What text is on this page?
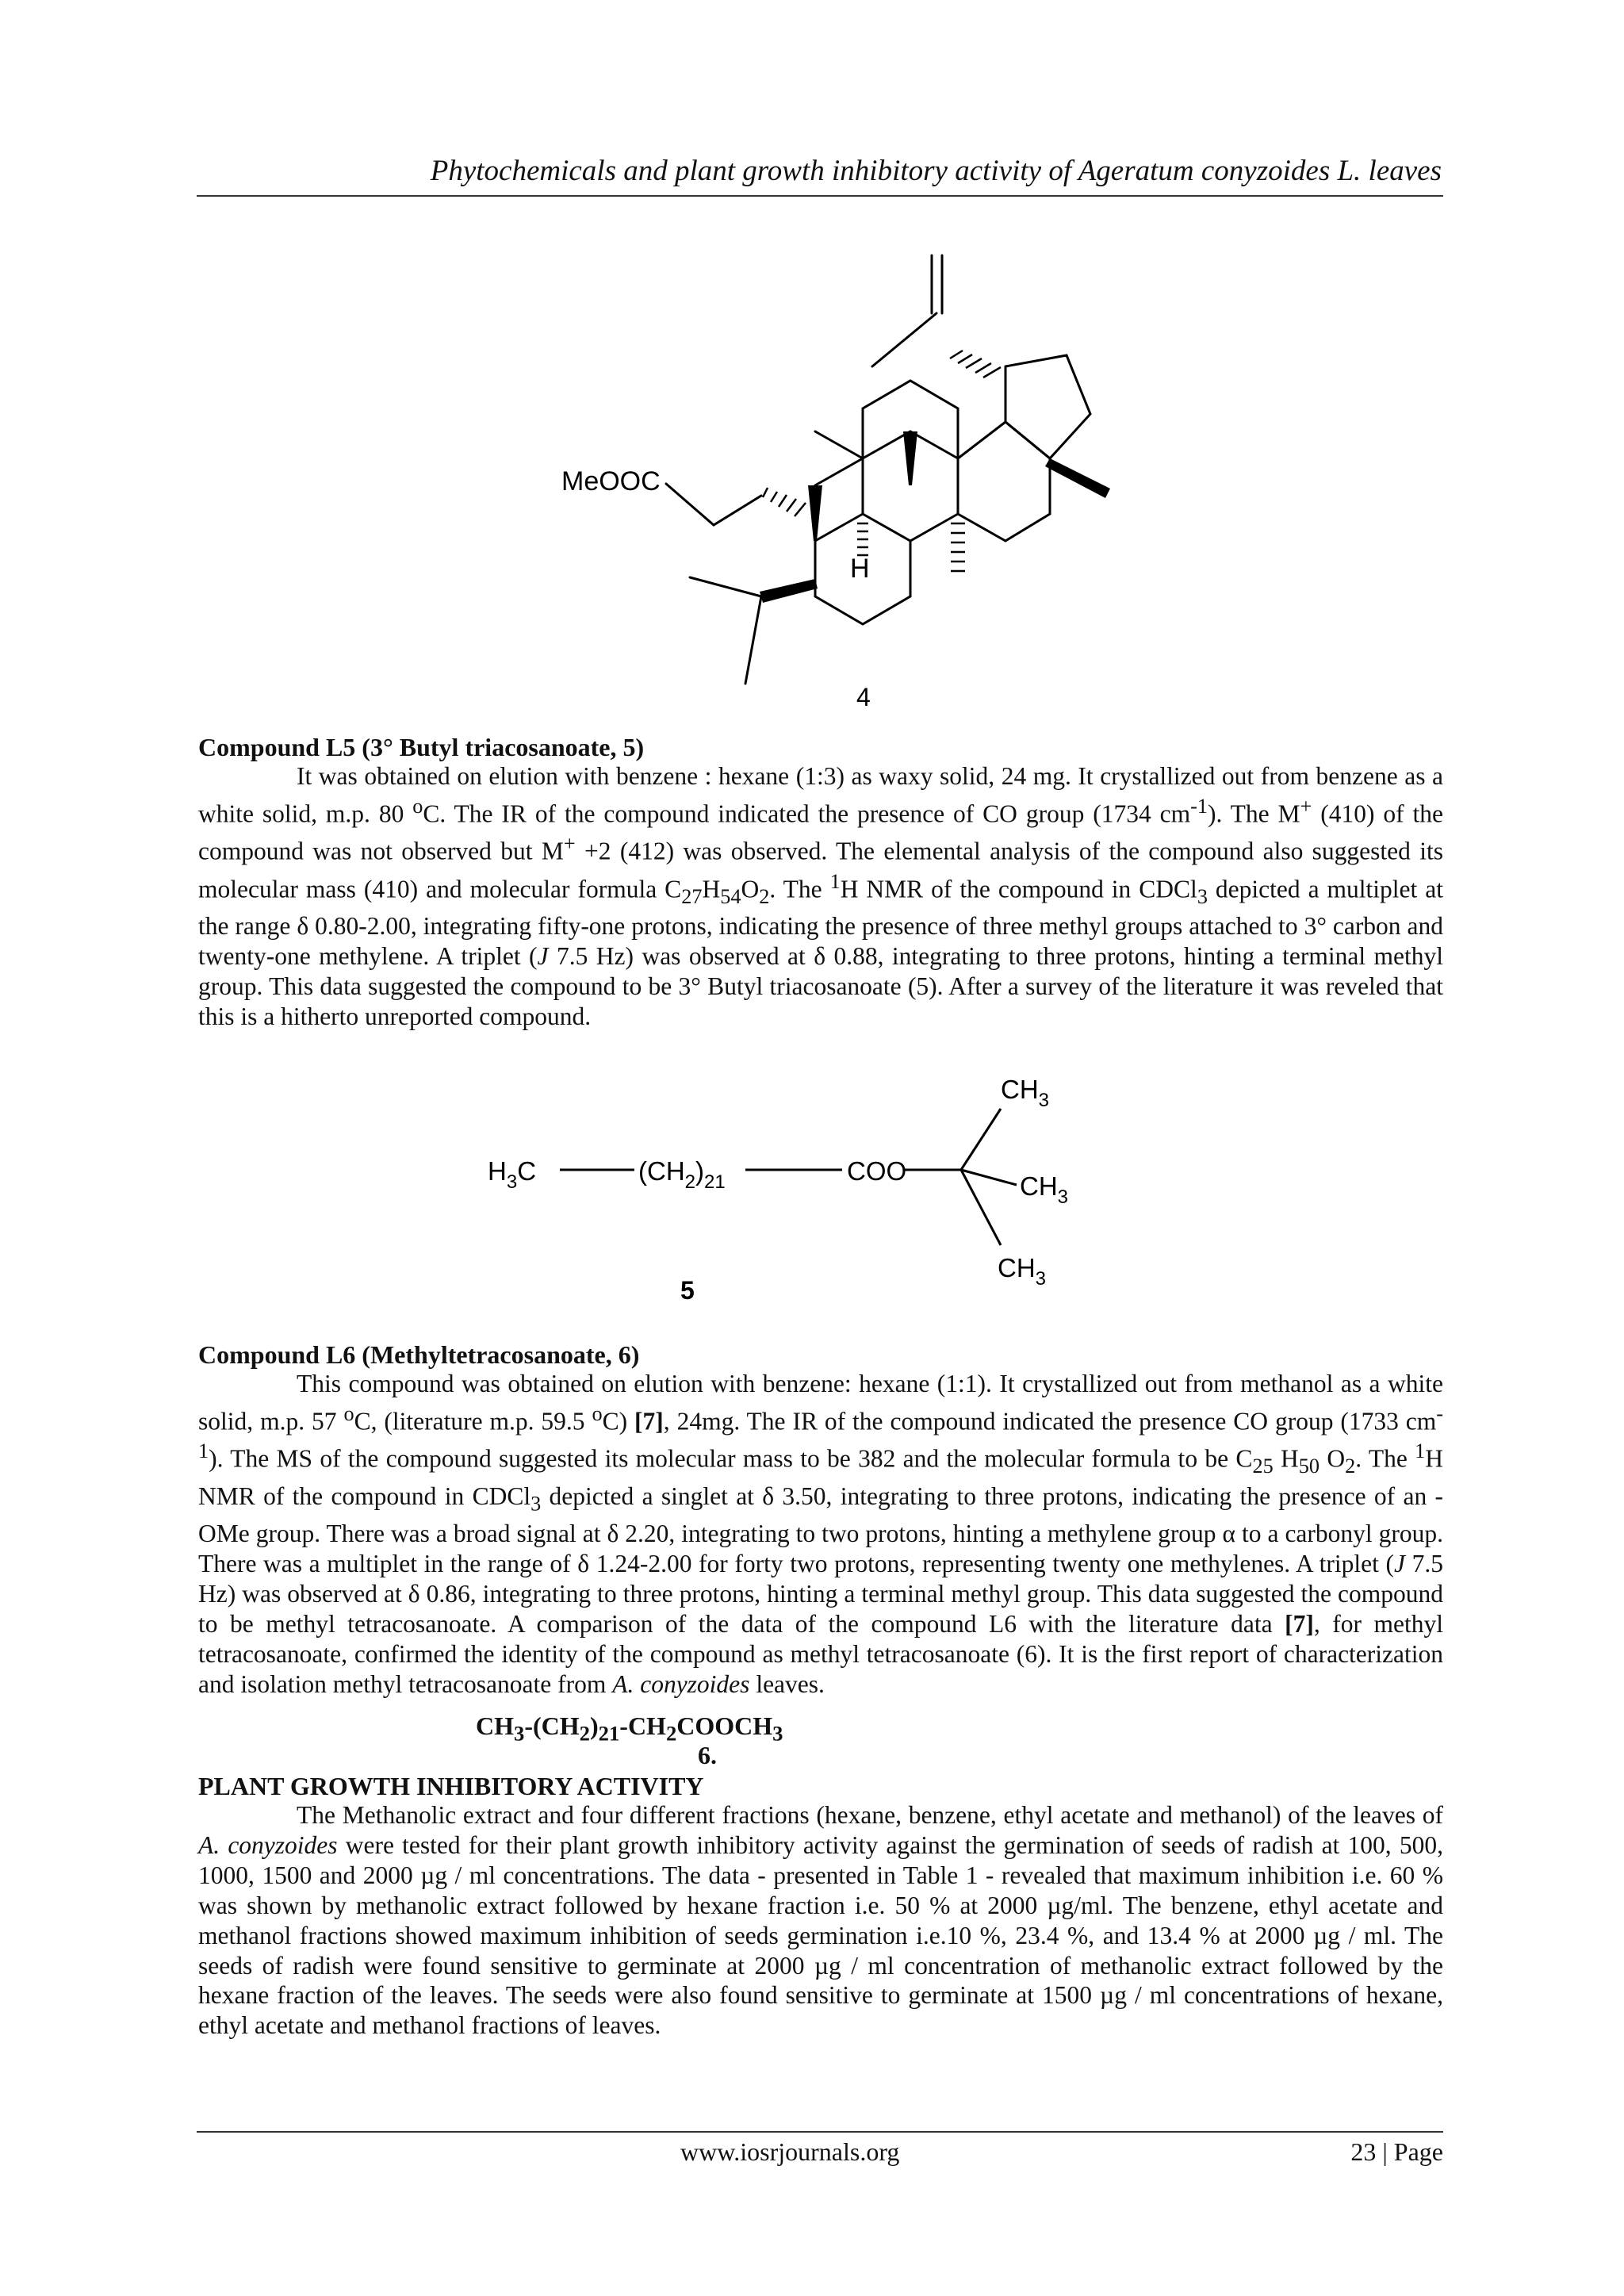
Phytochemicals and plant growth inhibitory activity of Ageratum conyzoides L. leaves
MeOOC
H
4
Compound L5 (3° Butyl triacosanoate, 5)
It was obtained on elution with benzene : hexane (1:3) as waxy solid, 24 mg. It crystallized out from benzene as a white solid, m.p. 80 $^o$C. The IR of the compound indicated the presence of CO group (1734 $cm^{-1}$). The M+ (410) of the compound was not observed but M+ +2 (412) was observed. The elemental analysis of the compound also suggested its molecular mass (410) and molecular formula $C_{27}H_{54}O_2$. The $^1$H NMR of the compound in CDCl$_3$ depicted a multiplet at the range δ 0.80-2.00, integrating fifty-one protons, indicating the presence of three methyl groups attached to 3° carbon and twenty-one methylene. A triplet (J 7.5 Hz) was observed at δ 0.88, integrating to three protons, hinting a terminal methyl group. This data suggested the compound to be 3° Butyl triacosanoate (5). After a survey of the literature it was reveled that this is a hitherto unreported compound.
$H_3C$	$(CH_2)_{21}$	COO
$CH_3$
$CH_3$
$CH_3$
5
Compound L6 (Methyltetracosanoate, 6)
This compound was obtained on elution with benzene: hexane (1:1). It crystallized out from methanol as a white solid, m.p. 57 $^o$C, (literature m.p. 59.5 $^o$C) [7], 24mg. The IR of the compound indicated the presence CO group (1733 $cm^{-1}$). The MS of the compound suggested its molecular mass to be 382 and the molecular formula to be $C_{25}$ $H_{50}$ $O_2$. The $^1$H NMR of the compound in CDCl$_3$ depicted a singlet at δ 3.50, integrating to three protons, indicating the presence of an -OMe group. There was a broad signal at δ 2.20, integrating to two protons, hinting a methylene group α to a carbonyl group. There was a multiplet in the range of δ 1.24-2.00 for forty two protons, representing twenty one methylenes. A triplet (J 7.5 Hz) was observed at δ 0.86, integrating to three protons, hinting a terminal methyl group. This data suggested the compound to be methyl tetracosanoate. A comparison of the data of the compound L6 with the literature data [7], for methyl tetracosanoate, confirmed the identity of the compound as methyl tetracosanoate (6). It is the first report of characterization and isolation methyl tetracosanoate from A. conyzoides leaves.
$CH_3-(CH_2)_{21}-CH_2COOCH_3$
6.
PLANT GROWTH INHIBITORY ACTIVITY
The Methanolic extract and four different fractions (hexane, benzene, ethyl acetate and methanol) of the leaves of A. conyzoides were tested for their plant growth inhibitory activity against the germination of seeds of radish at 100, 500, 1000, 1500 and 2000 µg / ml concentrations. The data - presented in Table 1 - revealed that maximum inhibition i.e. 60 % was shown by methanolic extract followed by hexane fraction i.e. 50 % at 2000 µg/ml. The benzene, ethyl acetate and methanol fractions showed maximum inhibition of seeds germination i.e.10 %, 23.4 %, and 13.4 % at 2000 µg / ml. The seeds of radish were found sensitive to germinate at 2000 µg / ml concentration of methanolic extract followed by the hexane fraction of the leaves. The seeds were also found sensitive to germinate at 1500 µg / ml concentrations of hexane, ethyl acetate and methanol fractions of leaves.
www.iosrjournals.org	23 | Page
